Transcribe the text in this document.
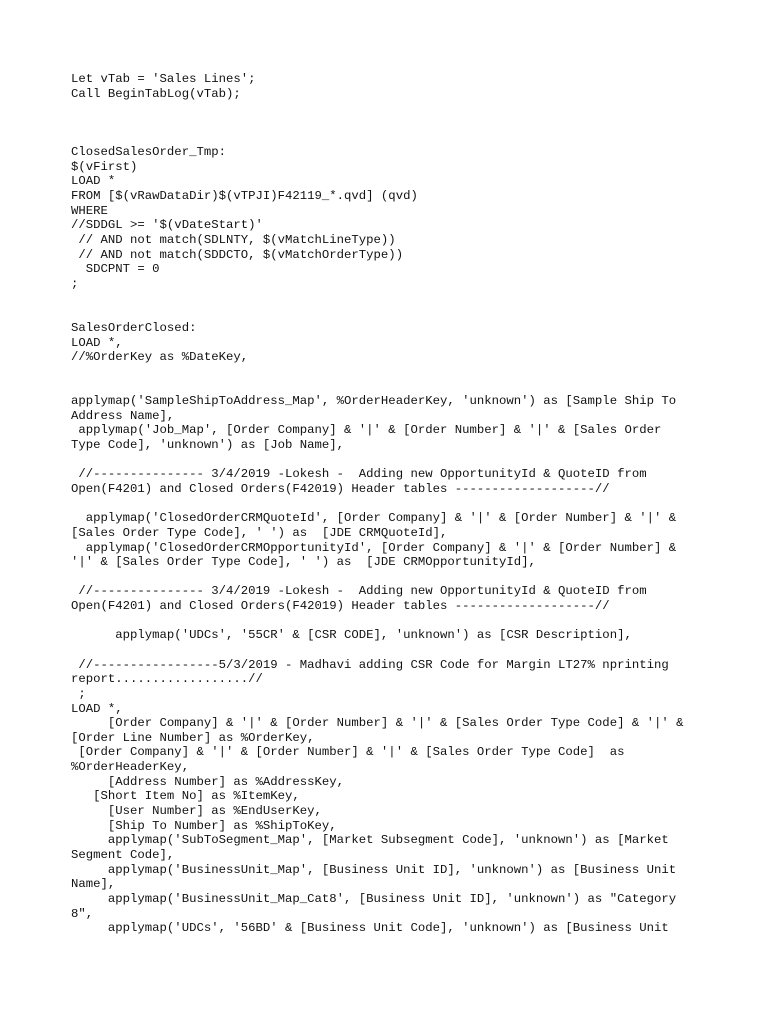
Let vTab = 'Sales Lines';
Call BeginTabLog(vTab);
ClosedSalesOrder_Tmp:
$(vFirst)
LOAD *
FROM [$(vRawDataDir)$(vTPJI)F42119_*.qvd] (qvd)
WHERE
//SDDGL >= '$(vDateStart)'
// AND not match(SDLNTY, $(vMatchLineType))
// AND not match(SDDCTO, $(vMatchOrderType))
SDCPNT = 0
;
SalesOrderClosed:
LOAD *,
//%OrderKey as %DateKey,
applymap('SampleShipToAddress_Map', %OrderHeaderKey, 'unknown') as [Sample Ship To
Address Name],
applymap('Job_Map', [Order Company] & '|' & [Order Number] & '|' & [Sales Order
Type Code], 'unknown') as [Job Name],
//--------------- 3/4/2019 -Lokesh -  Adding new OpportunityId & QuoteID from
Open(F4201) and Closed Orders(F42019) Header tables -------------------//
applymap('ClosedOrderCRMQuoteId', [Order Company] & '|' & [Order Number] & '|' &
[Sales Order Type Code], ' ') as  [JDE CRMQuoteId],
applymap('ClosedOrderCRMOpportunityId', [Order Company] & '|' & [Order Number] &
'|' & [Sales Order Type Code], ' ') as  [JDE CRMOpportunityId],
//--------------- 3/4/2019 -Lokesh -  Adding new OpportunityId & QuoteID from
Open(F4201) and Closed Orders(F42019) Header tables -------------------//
applymap('UDCs', '55CR' & [CSR CODE], 'unknown') as [CSR Description],
//-----------------5/3/2019 - Madhavi adding CSR Code for Margin LT27% nprinting
report..................//
;
LOAD *,
[Order Company] & '|' & [Order Number] & '|' & [Sales Order Type Code] & '|' &
[Order Line Number] as %OrderKey,
[Order Company] & '|' & [Order Number] & '|' & [Sales Order Type Code]  as
%OrderHeaderKey,
[Address Number] as %AddressKey,
[Short Item No] as %ItemKey,
[User Number] as %EndUserKey,
[Ship To Number] as %ShipToKey,
applymap('SubToSegment_Map', [Market Subsegment Code], 'unknown') as [Market
Segment Code],
applymap('BusinessUnit_Map', [Business Unit ID], 'unknown') as [Business Unit
Name],
applymap('BusinessUnit_Map_Cat8', [Business Unit ID], 'unknown') as "Category
8",
applymap('UDCs', '56BD' & [Business Unit Code], 'unknown') as [Business Unit
